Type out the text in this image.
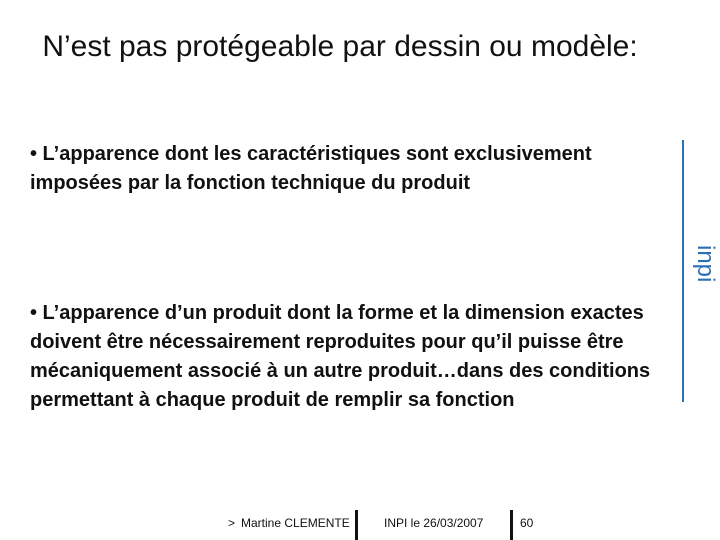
N’est pas protégeable par dessin ou modèle:

• L’apparence dont les caractéristiques sont exclusivement imposées par la fonction technique du produit

• L’apparence d’un produit dont la forme et la dimension exactes doivent être nécessairement reproduites pour qu’il puisse être mécaniquement associé à un autre produit…dans des conditions permettant à chaque produit de remplir sa fonction

inpi
> Martine CLEMENTE	INPI le 26/03/2007	60
